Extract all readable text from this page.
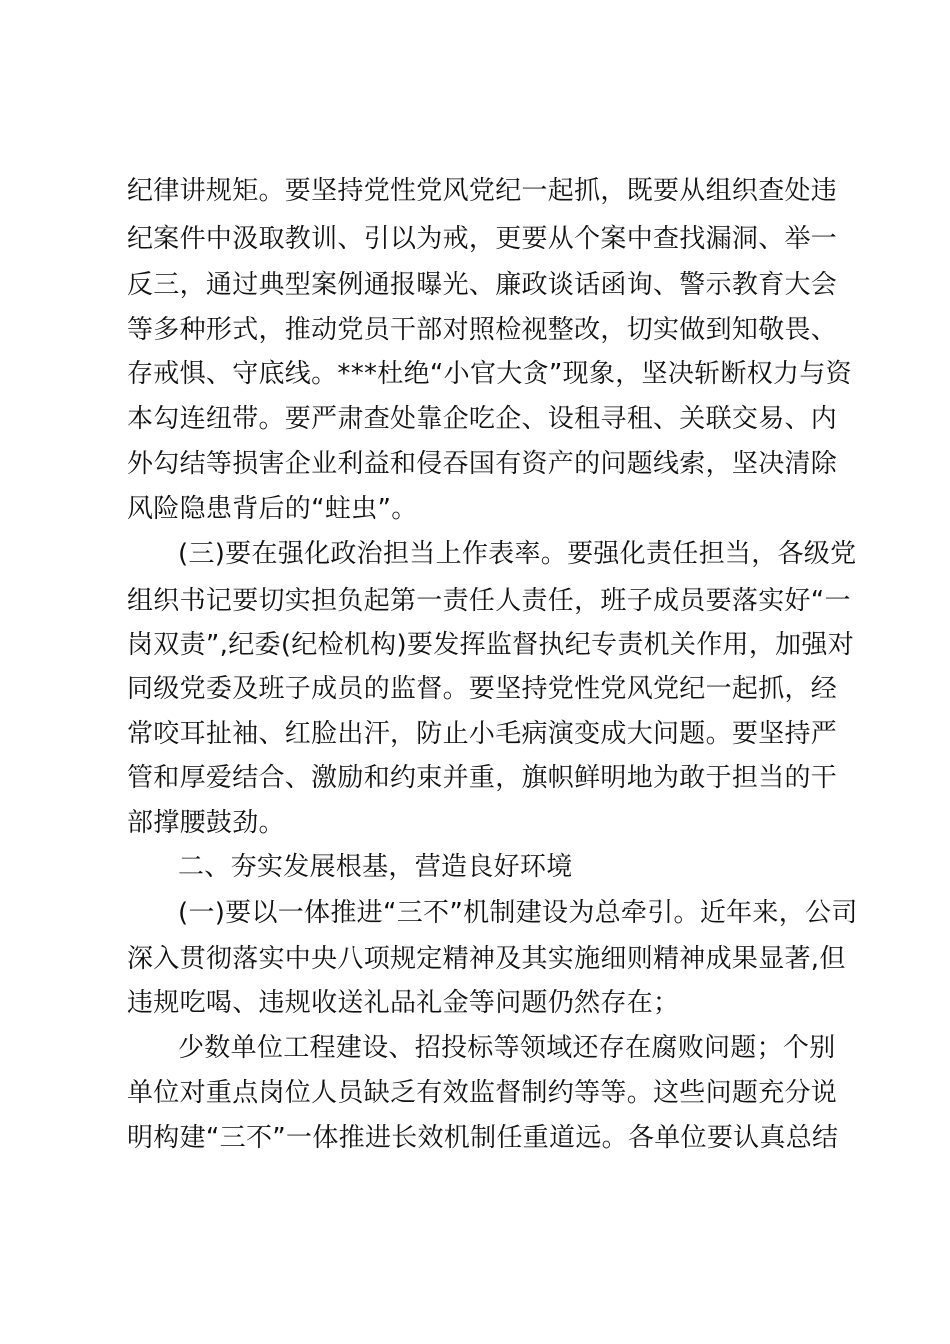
纪律讲规矩。要坚持党性党风党纪一起抓，既要从组织查处违
纪案件中汲取教训、引以为戒，更要从个案中查找漏洞、举一
反三，通过典型案例通报曝光、廉政谈话函询、警示教育大会
等多种形式，推动党员干部对照检视整改，切实做到知敬畏、
存戒惧、守底线。***杜绝“小官大贪”现象，坚决斩断权力与资
本勾连纽带。要严肃查处靠企吃企、设租寻租、关联交易、内
外勾结等损害企业利益和侵吞国有资产的问题线索，坚决清除
风险隐患背后的“蛀虫”。
(三)要在强化政治担当上作表率。要强化责任担当，各级党
组织书记要切实担负起第一责任人责任，班子成员要落实好“一
岗双责”,纪委(纪检机构)要发挥监督执纪专责机关作用，加强对
同级党委及班子成员的监督。要坚持党性党风党纪一起抓，经
常咬耳扯袖、红脸出汗，防止小毛病演变成大问题。要坚持严
管和厚爱结合、激励和约束并重，旗帜鲜明地为敢于担当的干
部撑腰鼓劲。
二、夯实发展根基，营造良好环境
(一)要以一体推进“三不”机制建设为总牵引。近年来，公司
深入贯彻落实中央八项规定精神及其实施细则精神成果显著,但
违规吃喝、违规收送礼品礼金等问题仍然存在；
少数单位工程建设、招投标等领域还存在腐败问题；个别
单位对重点岗位人员缺乏有效监督制约等等。这些问题充分说
明构建“三不”一体推进长效机制任重道远。各单位要认真总结
